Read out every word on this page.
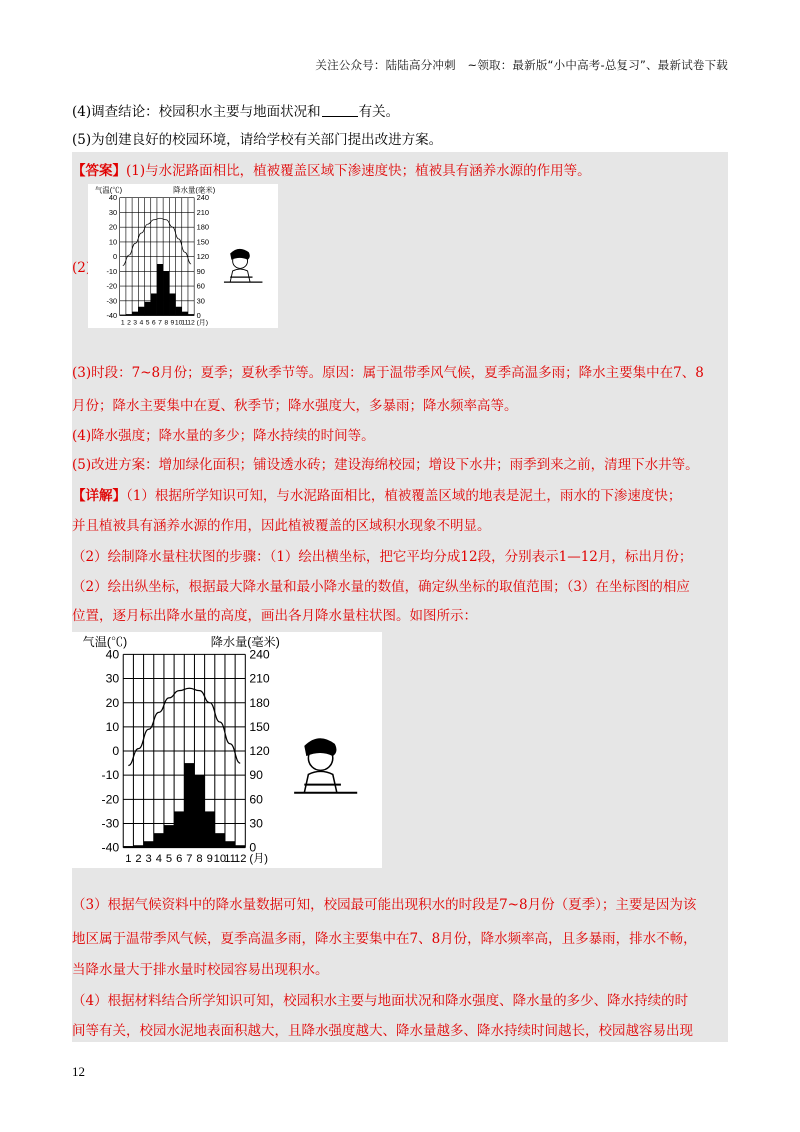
关注公众号：陆陆高分冲刺　~领取：最新版“小中高考-总复习”、最新试卷下载
(4)调查结论：校园积水主要与地面状况和	有关。
(5)为创建良好的校园环境，请给学校有关部门提出改进方案。
【答案】(1)与水泥路面相比，植被覆盖区域下渗速度快；植被具有涵养水源的作用等。
(2)
气温(℃)	降水量(毫米)
40
30
20
10
0
-10
-20
-30
-40
240
210
180
150
120
90
60
30
0
1 2 3 4 5 6 7 8 9 10
11
12 (月)
(3)时段：7~8月份；夏季；夏秋季节等。原因：属于温带季风气候，夏季高温多雨；降水主要集中在7、8
月份；降水主要集中在夏、秋季节；降水强度大，多暴雨；降水频率高等。
(4)降水强度；降水量的多少；降水持续的时间等。
(5)改进方案：增加绿化面积；铺设透水砖；建设海绵校园；增设下水井；雨季到来之前，清理下水井等。
【详解】（1）根据所学知识可知，与水泥路面相比，植被覆盖区域的地表是泥土，雨水的下渗速度快；
并且植被具有涵养水源的作用，因此植被覆盖的区域积水现象不明显。
（2）绘制降水量柱状图的步骤：（1）绘出横坐标，把它平均分成12段，分别表示1—12月，标出月份；
（2）绘出纵坐标，根据最大降水量和最小降水量的数值，确定纵坐标的取值范围；（3）在坐标图的相应
位置，逐月标出降水量的高度，画出各月降水量柱状图。如图所示：
气温(℃)	降水量(毫米)
40
30
20
10
0
-10
-20
-30
-40
240
210
180
150
120
90
60
30
0
1 2 3 4 5 6 7 8 9 10
11
12 (月)
（3）根据气候资料中的降水量数据可知，校园最可能出现积水的时段是7~8月份（夏季）；主要是因为该
地区属于温带季风气候，夏季高温多雨，降水主要集中在7、8月份，降水频率高，且多暴雨，排水不畅，
当降水量大于排水量时校园容易出现积水。
（4）根据材料结合所学知识可知，校园积水主要与地面状况和降水强度、降水量的多少、降水持续的时
间等有关，校园水泥地表面积越大，且降水强度越大、降水量越多、降水持续时间越长，校园越容易出现
12
